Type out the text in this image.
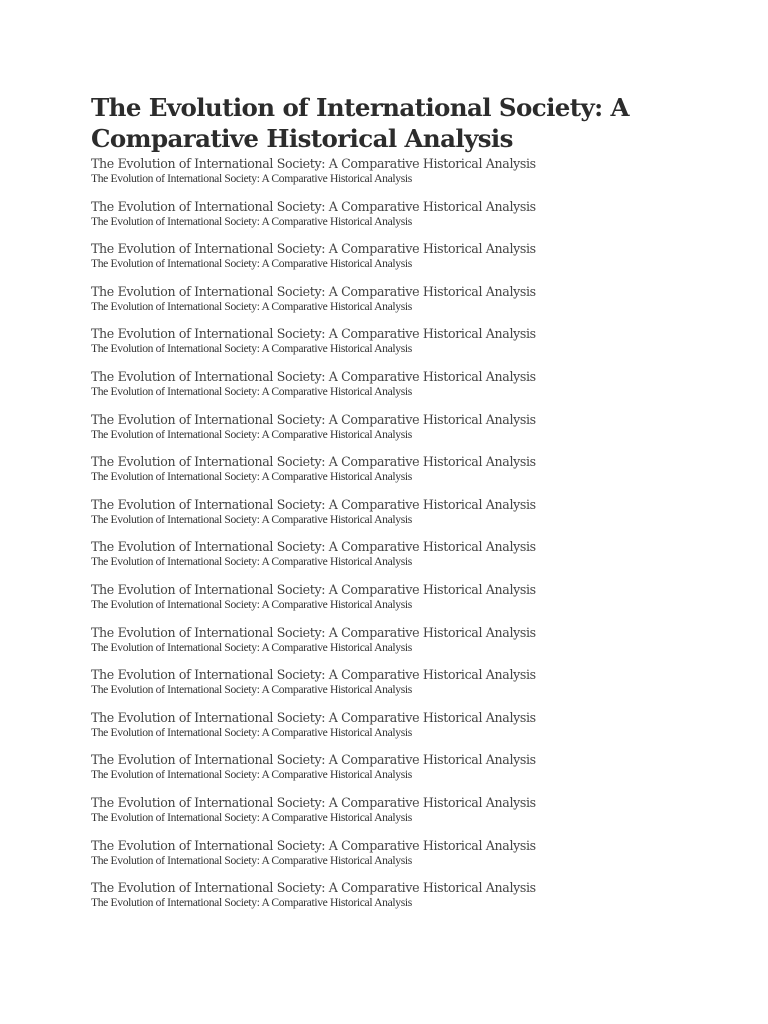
The Evolution of International Society: A Comparative Historical Analysis
The Evolution of International Society: A Comparative Historical Analysis
The Evolution of International Society: A Comparative Historical Analysis
The Evolution of International Society: A Comparative Historical Analysis
The Evolution of International Society: A Comparative Historical Analysis
The Evolution of International Society: A Comparative Historical Analysis
The Evolution of International Society: A Comparative Historical Analysis
The Evolution of International Society: A Comparative Historical Analysis
The Evolution of International Society: A Comparative Historical Analysis
The Evolution of International Society: A Comparative Historical Analysis
The Evolution of International Society: A Comparative Historical Analysis
The Evolution of International Society: A Comparative Historical Analysis
The Evolution of International Society: A Comparative Historical Analysis
The Evolution of International Society: A Comparative Historical Analysis
The Evolution of International Society: A Comparative Historical Analysis
The Evolution of International Society: A Comparative Historical Analysis
The Evolution of International Society: A Comparative Historical Analysis
The Evolution of International Society: A Comparative Historical Analysis
The Evolution of International Society: A Comparative Historical Analysis
The Evolution of International Society: A Comparative Historical Analysis
The Evolution of International Society: A Comparative Historical Analysis
The Evolution of International Society: A Comparative Historical Analysis
The Evolution of International Society: A Comparative Historical Analysis
The Evolution of International Society: A Comparative Historical Analysis
The Evolution of International Society: A Comparative Historical Analysis
The Evolution of International Society: A Comparative Historical Analysis
The Evolution of International Society: A Comparative Historical Analysis
The Evolution of International Society: A Comparative Historical Analysis
The Evolution of International Society: A Comparative Historical Analysis
The Evolution of International Society: A Comparative Historical Analysis
The Evolution of International Society: A Comparative Historical Analysis
The Evolution of International Society: A Comparative Historical Analysis
The Evolution of International Society: A Comparative Historical Analysis
The Evolution of International Society: A Comparative Historical Analysis
The Evolution of International Society: A Comparative Historical Analysis
The Evolution of International Society: A Comparative Historical Analysis
The Evolution of International Society: A Comparative Historical Analysis
